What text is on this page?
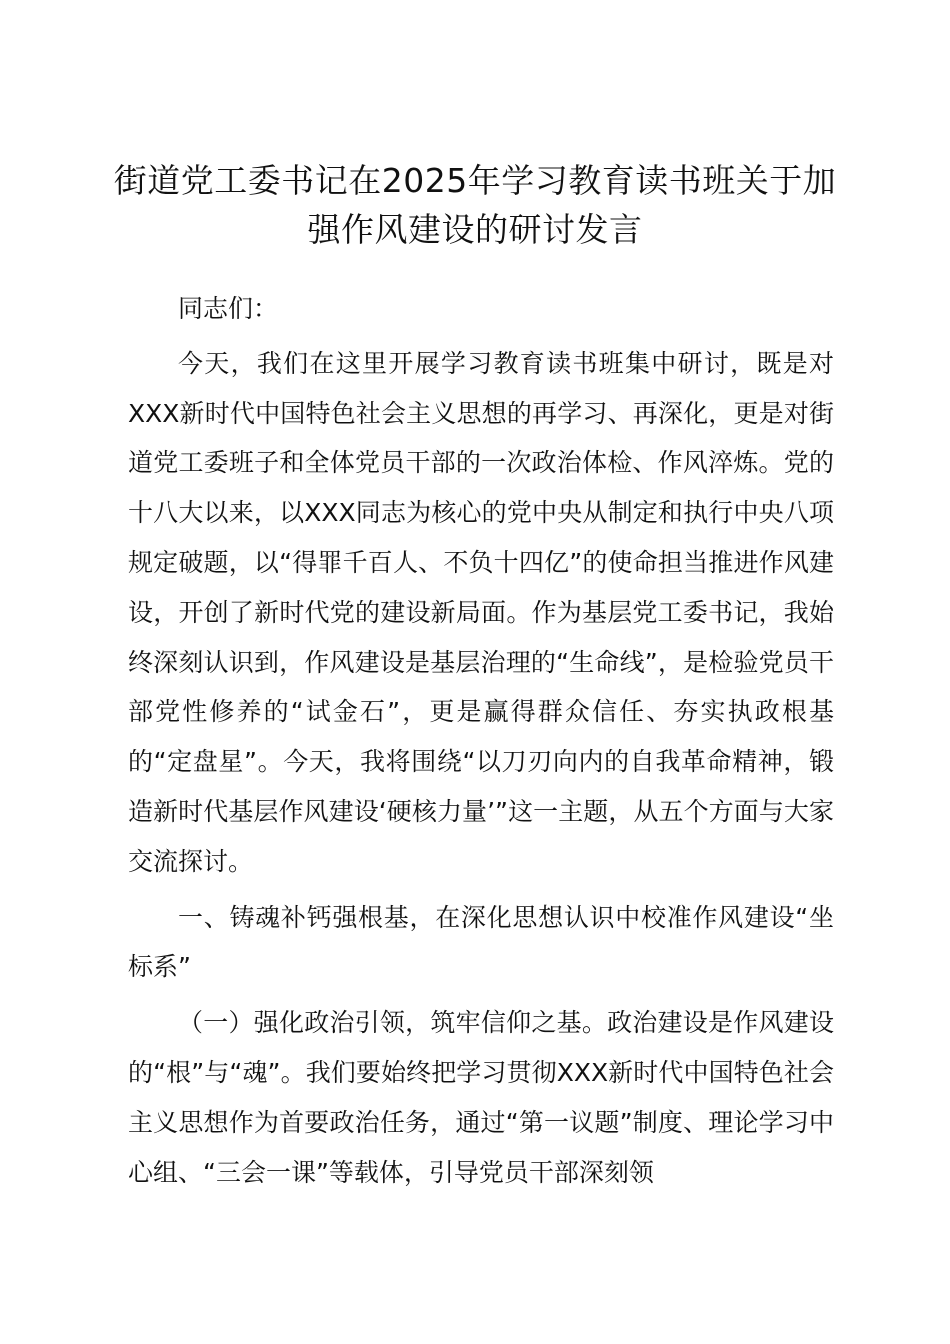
街道党工委书记在2025年学习教育读书班关于加强作风建设的研讨发言

同志们：

今天，我们在这里开展学习教育读书班集中研讨，既是对XXX新时代中国特色社会主义思想的再学习、再深化，更是对街道党工委班子和全体党员干部的一次政治体检、作风淬炼。党的十八大以来，以XXX同志为核心的党中央从制定和执行中央八项规定破题，以“得罪千百人、不负十四亿”的使命担当推进作风建设，开创了新时代党的建设新局面。作为基层党工委书记，我始终深刻认识到，作风建设是基层治理的“生命线”，是检验党员干部党性修养的“试金石”，更是赢得群众信任、夯实执政根基的“定盘星”。今天，我将围绕“以刀刃向内的自我革命精神，锻造新时代基层作风建设‘硬核力量’”这一主题，从五个方面与大家交流探讨。

一、铸魂补钙强根基，在深化思想认识中校准作风建设“坐标系”

（一）强化政治引领，筑牢信仰之基。政治建设是作风建设的“根”与“魂”。我们要始终把学习贯彻XXX新时代中国特色社会主义思想作为首要政治任务，通过“第一议题”制度、理论学习中心组、“三会一课”等载体，引导党员干部深刻领
